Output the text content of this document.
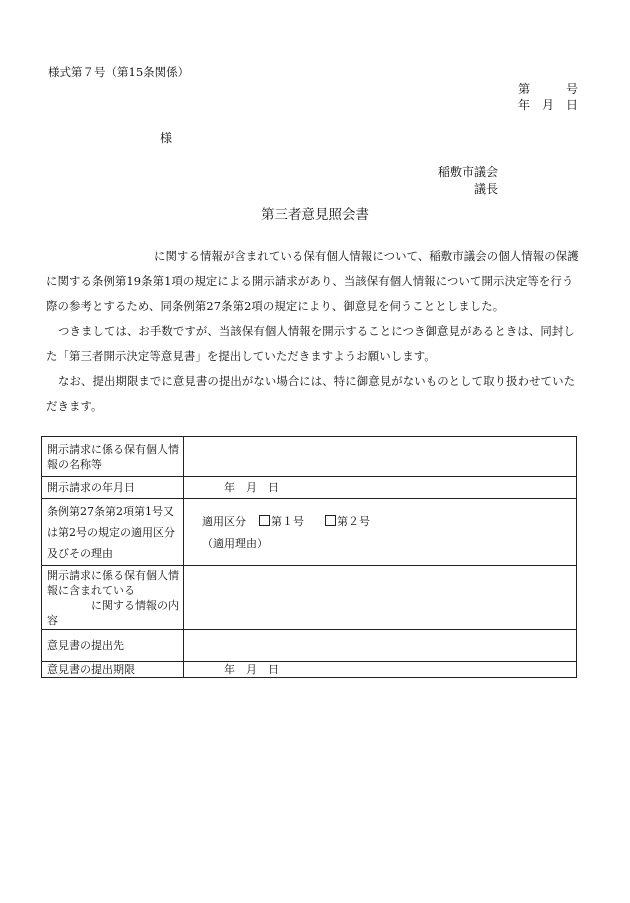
様式第７号（第15条関係）
第　　　号
年　月　日
様
稲敷市議会
議長
第三者意見照会書

に関する情報が含まれている保有個人情報について、稲敷市議会の個人情報の保護に関する条例第19条第1項の規定による開示請求があり、当該保有個人情報について開示決定等を行う際の参考とするため、同条例第27条第2項の規定により、御意見を伺うこととしました。

つきましては、お手数ですが、当該保有個人情報を開示することにつき御意見があるときは、同封した「第三者開示決定等意見書」を提出していただきますようお願いします。

なお、提出期限までに意見書の提出がない場合には、特に御意見がないものとして取り扱わせていただきます。

開示請求に係る保有個人情報の名称等	
開示請求の年月日	年　月　日
条例第27条第2項第1号又は第2号の規定の適用区分及びその理由	適用区分 第１号 第２号
（適用理由）

開示請求に係る保有個人情報に含まれている
に関する情報の内容	
意見書の提出先	
意見書の提出期限	年　月　日
